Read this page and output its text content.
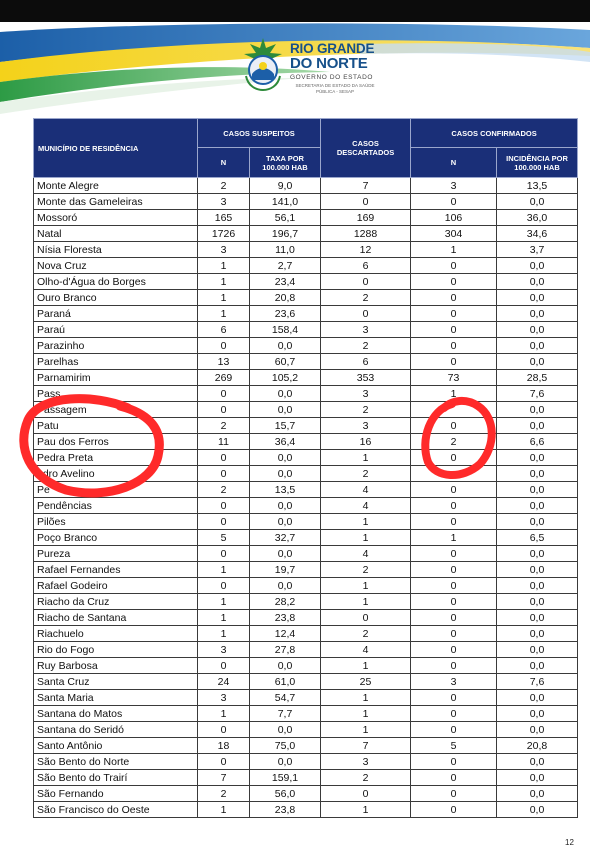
RIO GRANDE
DO NORTE
GOVERNO DO ESTADO
SECRETARIA DE ESTADO DA SAÚDE PÚBLICA - SESAP
MUNICÍPIO DE RESIDÊNCIA	CASOS SUSPEITOS		CASOS DESCARTADOS	CASOS CONFIRMADOS	
	N	TAXA POR 100.000 HAB		N	INCIDÊNCIA POR 100.000 HAB
Monte Alegre	2	9,0	7	3	13,5
Monte das Gameleiras	3	141,0	0	0	0,0
Mossoró	165	56,1	169	106	36,0
Natal	1726	196,7	1288	304	34,6
Nísia Floresta	3	11,0	12	1	3,7
Nova Cruz	1	2,7	6	0	0,0
Olho-d'Água do Borges	1	23,4	0	0	0,0
Ouro Branco	1	20,8	2	0	0,0
Paraná	1	23,6	0	0	0,0
Paraú	6	158,4	3	0	0,0
Parazinho	0	0,0	2	0	0,0
Parelhas	13	60,7	6	0	0,0
Parnamirim	269	105,2	353	73	28,5
Pass	0	0,0	3	1	7,6
Passagem	0	0,0	2		0,0
Patu	2	15,7	3	0	0,0
Pau dos Ferros	11	36,4	16	2	6,6
Pedra Preta	0	0,0	1	0	0,0
edro Avelino	0	0,0	2		0,0
Pe	2	13,5	4	0	0,0
Pendências	0	0,0	4	0	0,0
Pilões	0	0,0	1	0	0,0
Poço Branco	5	32,7	1	1	6,5
Pureza	0	0,0	4	0	0,0
Rafael Fernandes	1	19,7	2	0	0,0
Rafael Godeiro	0	0,0	1	0	0,0
Riacho da Cruz	1	28,2	1	0	0,0
Riacho de Santana	1	23,8	0	0	0,0
Riachuelo	1	12,4	2	0	0,0
Rio do Fogo	3	27,8	4	0	0,0
Ruy Barbosa	0	0,0	1	0	0,0
Santa Cruz	24	61,0	25	3	7,6
Santa Maria	3	54,7	1	0	0,0
Santana do Matos	1	7,7	1	0	0,0
Santana do Seridó	0	0,0	1	0	0,0
Santo Antônio	18	75,0	7	5	20,8
São Bento do Norte	0	0,0	3	0	0,0
São Bento do Trairí	7	159,1	2	0	0,0
São Fernando	2	56,0	0	0	0,0
São Francisco do Oeste	1	23,8	1	0	0,0
12
